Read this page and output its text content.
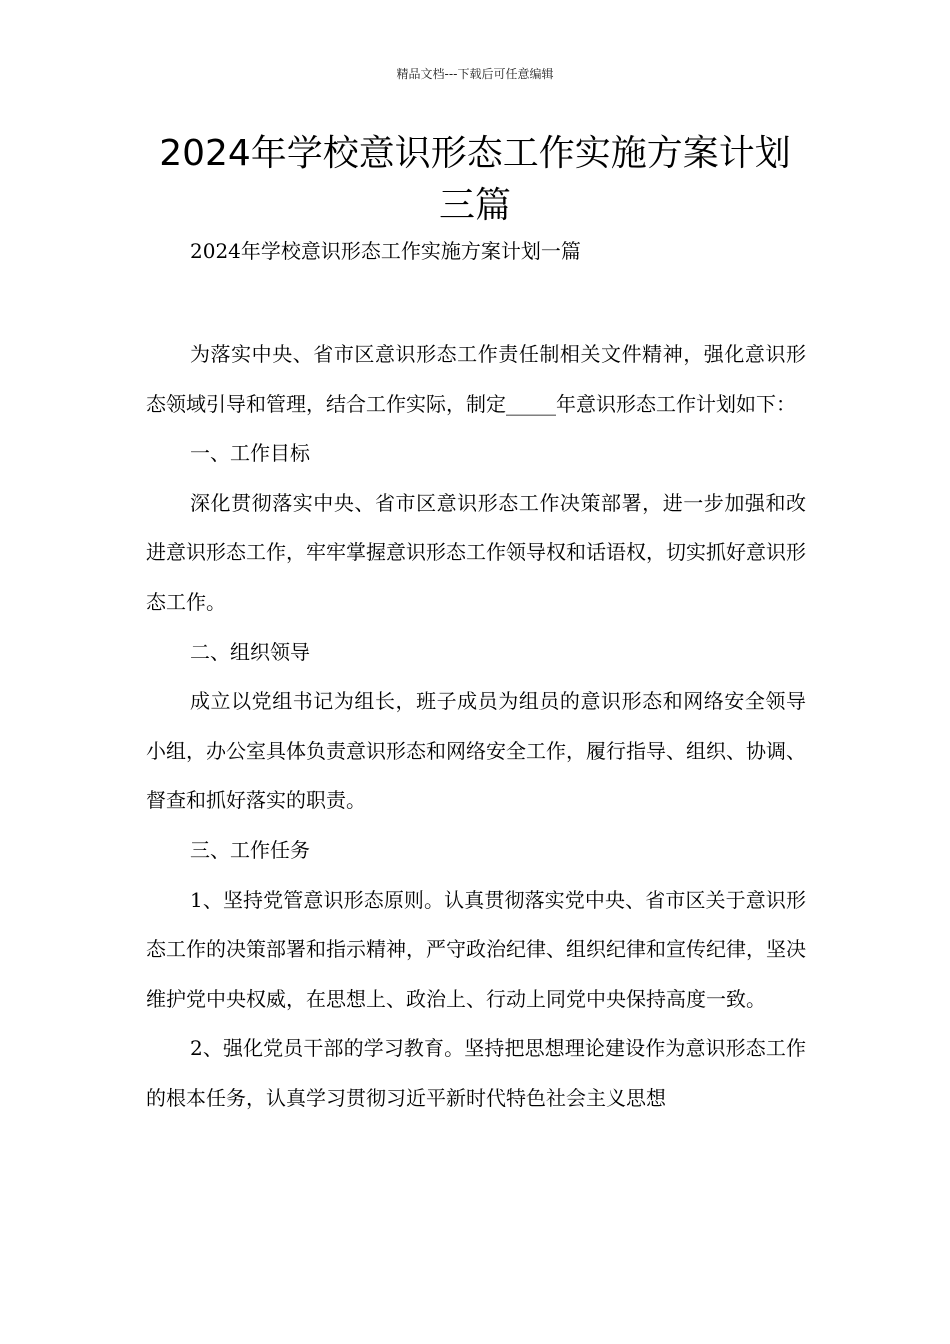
精品文档---下载后可任意编辑
2024年学校意识形态工作实施方案计划
三篇
2024年学校意识形态工作实施方案计划一篇

为落实中央、省市区意识形态工作责任制相关文件精神，强化意识形态领域引导和管理，结合工作实际，制定_____年意识形态工作计划如下：

一、工作目标

深化贯彻落实中央、省市区意识形态工作决策部署，进一步加强和改进意识形态工作，牢牢掌握意识形态工作领导权和话语权，切实抓好意识形态工作。

二、组织领导

成立以党组书记为组长，班子成员为组员的意识形态和网络安全领导小组，办公室具体负责意识形态和网络安全工作，履行指导、组织、协调、督查和抓好落实的职责。

三、工作任务

1、坚持党管意识形态原则。认真贯彻落实党中央、省市区关于意识形态工作的决策部署和指示精神，严守政治纪律、组织纪律和宣传纪律，坚决维护党中央权威，在思想上、政治上、行动上同党中央保持高度一致。

2、强化党员干部的学习教育。坚持把思想理论建设作为意识形态工作的根本任务，认真学习贯彻习近平新时代特色社会主义思想
